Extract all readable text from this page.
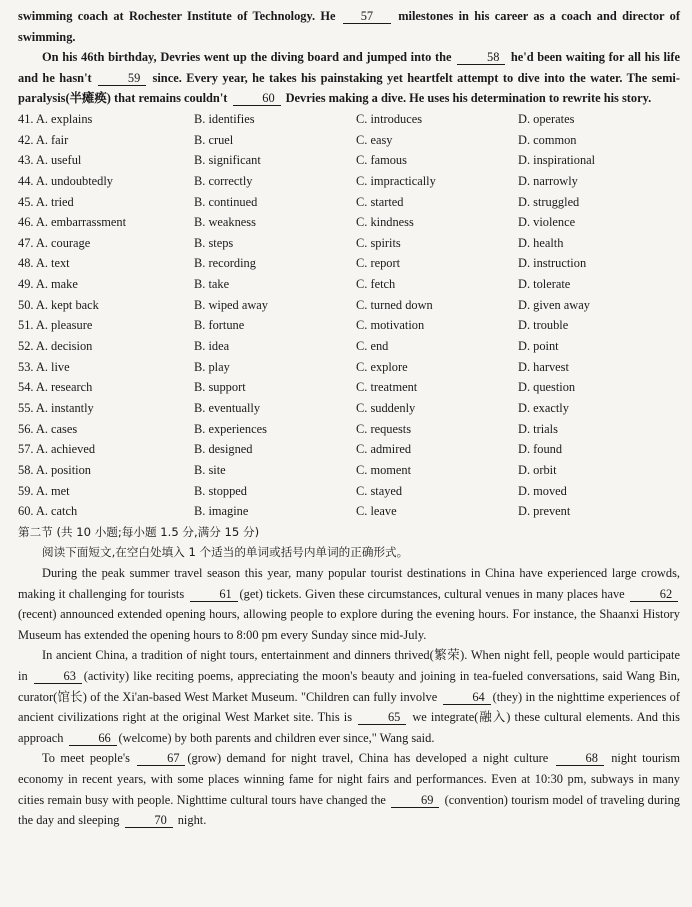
swimming coach at Rochester Institute of Technology. He 57 milestones in his career as a coach and director of swimming.

On his 46th birthday, Devries went up the diving board and jumped into the	58 he'd been waiting for all his life and he hasn't	59 since. Every year, he takes his painstaking yet heartfelt attempt to dive into the water. The semi-paralysis(半瘫痪) that remains couldn't	60 Devries making a dive. He uses his determination to rewrite his story.

41. A. explains	B. identifies	C. introduces	D. operates
42. A. fair	B. cruel	C. easy	D. common
43. A. useful	B. significant	C. famous	D. inspirational
44. A. undoubtedly	B. correctly	C. impractically	D. narrowly
45. A. tried	B. continued	C. started	D. struggled
46. A. embarrassment	B. weakness	C. kindness	D. violence
47. A. courage	B. steps	C. spirits	D. health
48. A. text	B. recording	C. report	D. instruction
49. A. make	B. take	C. fetch	D. tolerate
50. A. kept back	B. wiped away	C. turned down	D. given away
51. A. pleasure	B. fortune	C. motivation	D. trouble
52. A. decision	B. idea	C. end	D. point
53. A. live	B. play	C. explore	D. harvest
54. A. research	B. support	C. treatment	D. question
55. A. instantly	B. eventually	C. suddenly	D. exactly
56. A. cases	B. experiences	C. requests	D. trials
57. A. achieved	B. designed	C. admired	D. found
58. A. position	B. site	C. moment	D. orbit
59. A. met	B. stopped	C. stayed	D. moved
60. A. catch	B. imagine	C. leave	D. prevent
第二节 (共 10 小题;每小题 1.5 分,满分 15 分)
阅读下面短文,在空白处填入 1 个适当的单词或括号内单词的正确形式。

During the peak summer travel season this year, many popular tourist destinations in China have experienced large crowds, making it challenging for tourists	61 (get) tickets. Given these circumstances, cultural venues in many places have	62(recent) announced extended opening hours, allowing people to explore during the evening hours. For instance, the Shaanxi History Museum has extended the opening hours to 8:00 pm every Sunday since mid-July.

In ancient China, a tradition of night tours, entertainment and dinners thrived(繁荣). When night fell, people would participate in	63 (activity) like reciting poems, appreciating the moon's beauty and joining in tea-fueled conversations, said Wang Bin, curator(馆长) of the Xi'an-based West Market Museum. "Children can fully involve	64 (they) in the nighttime experiences of ancient civilizations right at the original West Market site. This is	65 we integrate(融入) these cultural elements. And this approach	66 (welcome) by both parents and children ever since," Wang said.

To meet people's	67 (grow) demand for night travel, China has developed a night culture	68 night tourism economy in recent years, with some places winning fame for night fairs and performances. Even at 10:30 pm, subways in many cities remain busy with people. Nighttime cultural tours have changed the	69 (convention) tourism model of traveling during the day and sleeping	70 night.
